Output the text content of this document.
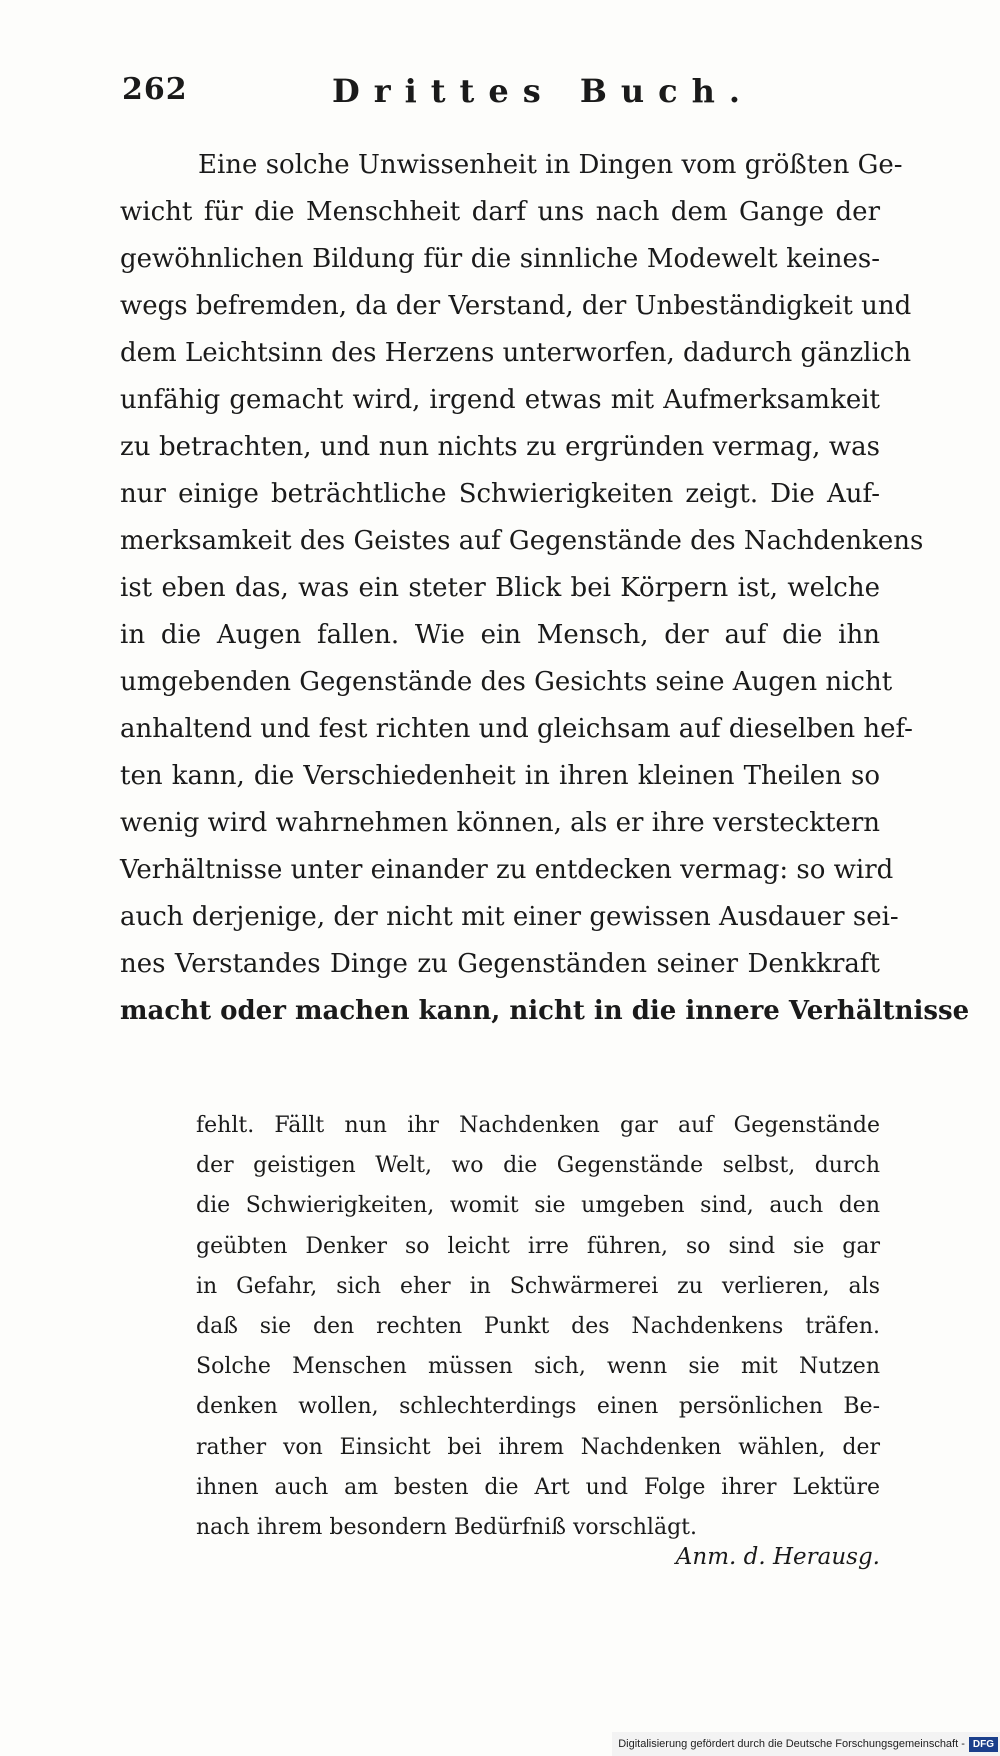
262	Drittes Buch.
Eine solche Unwissenheit in Dingen vom größten Ge-
wicht für die Menschheit darf uns nach dem Gange der
gewöhnlichen Bildung für die sinnliche Modewelt keines-
wegs befremden, da der Verstand, der Unbeständigkeit und
dem Leichtsinn des Herzens unterworfen, dadurch gänzlich
unfähig gemacht wird, irgend etwas mit Aufmerksamkeit
zu betrachten, und nun nichts zu ergründen vermag, was
nur einige beträchtliche Schwierigkeiten zeigt. Die Auf-
merksamkeit des Geistes auf Gegenstände des Nachdenkens
ist eben das, was ein steter Blick bei Körpern ist, welche
in die Augen fallen. Wie ein Mensch, der auf die ihn
umgebenden Gegenstände des Gesichts seine Augen nicht
anhaltend und fest richten und gleichsam auf dieselben hef-
ten kann, die Verschiedenheit in ihren kleinen Theilen so
wenig wird wahrnehmen können, als er ihre verstecktern
Verhältnisse unter einander zu entdecken vermag: so wird
auch derjenige, der nicht mit einer gewissen Ausdauer sei-
nes Verstandes Dinge zu Gegenständen seiner Denkkraft
macht oder machen kann, nicht in die innere Verhältnisse
fehlt. Fällt nun ihr Nachdenken gar auf Gegenstände
der geistigen Welt, wo die Gegenstände selbst, durch
die Schwierigkeiten, womit sie umgeben sind, auch den
geübten Denker so leicht irre führen, so sind sie gar
in Gefahr, sich eher in Schwärmerei zu verlieren, als
daß sie den rechten Punkt des Nachdenkens träfen.
Solche Menschen müssen sich, wenn sie mit Nutzen
denken wollen, schlechterdings einen persönlichen Be-
rather von Einsicht bei ihrem Nachdenken wählen, der
ihnen auch am besten die Art und Folge ihrer Lektüre
nach ihrem besondern Bedürfniß vorschlägt.
Anm. d. Herausg.
Digitalisierung gefördert durch die Deutsche Forschungsgemeinschaft - DFG
